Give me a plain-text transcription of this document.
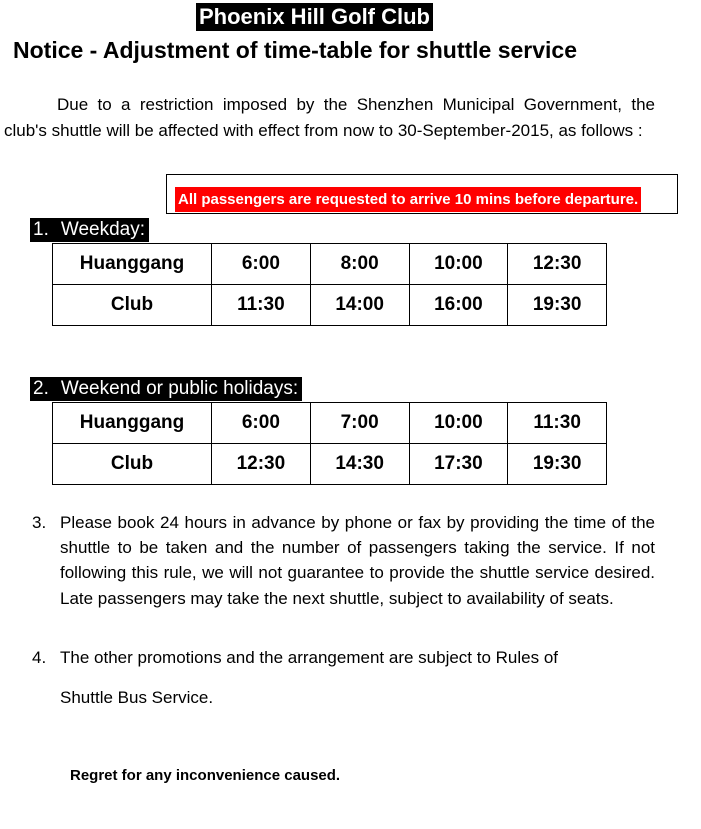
Phoenix Hill Golf Club
Notice - Adjustment of time-table for shuttle service
Due to a restriction imposed by the Shenzhen Municipal Government, the club's shuttle will be affected with effect from now to 30-September-2015, as follows :
All passengers are requested to arrive 10 mins before departure.
1. Weekday:
Huanggang	6:00	8:00	10:00	12:30
Club	11:30	14:00	16:00	19:30
2. Weekend or public holidays:
Huanggang	6:00	7:00	10:00	11:30
Club	12:30	14:30	17:30	19:30
3. Please book 24 hours in advance by phone or fax by providing the time of the shuttle to be taken and the number of passengers taking the service. If not following this rule, we will not guarantee to provide the shuttle service desired. Late passengers may take the next shuttle, subject to availability of seats.
4. The other promotions and the arrangement are subject to Rules of
Shuttle Bus Service.
Regret for any inconvenience caused.
